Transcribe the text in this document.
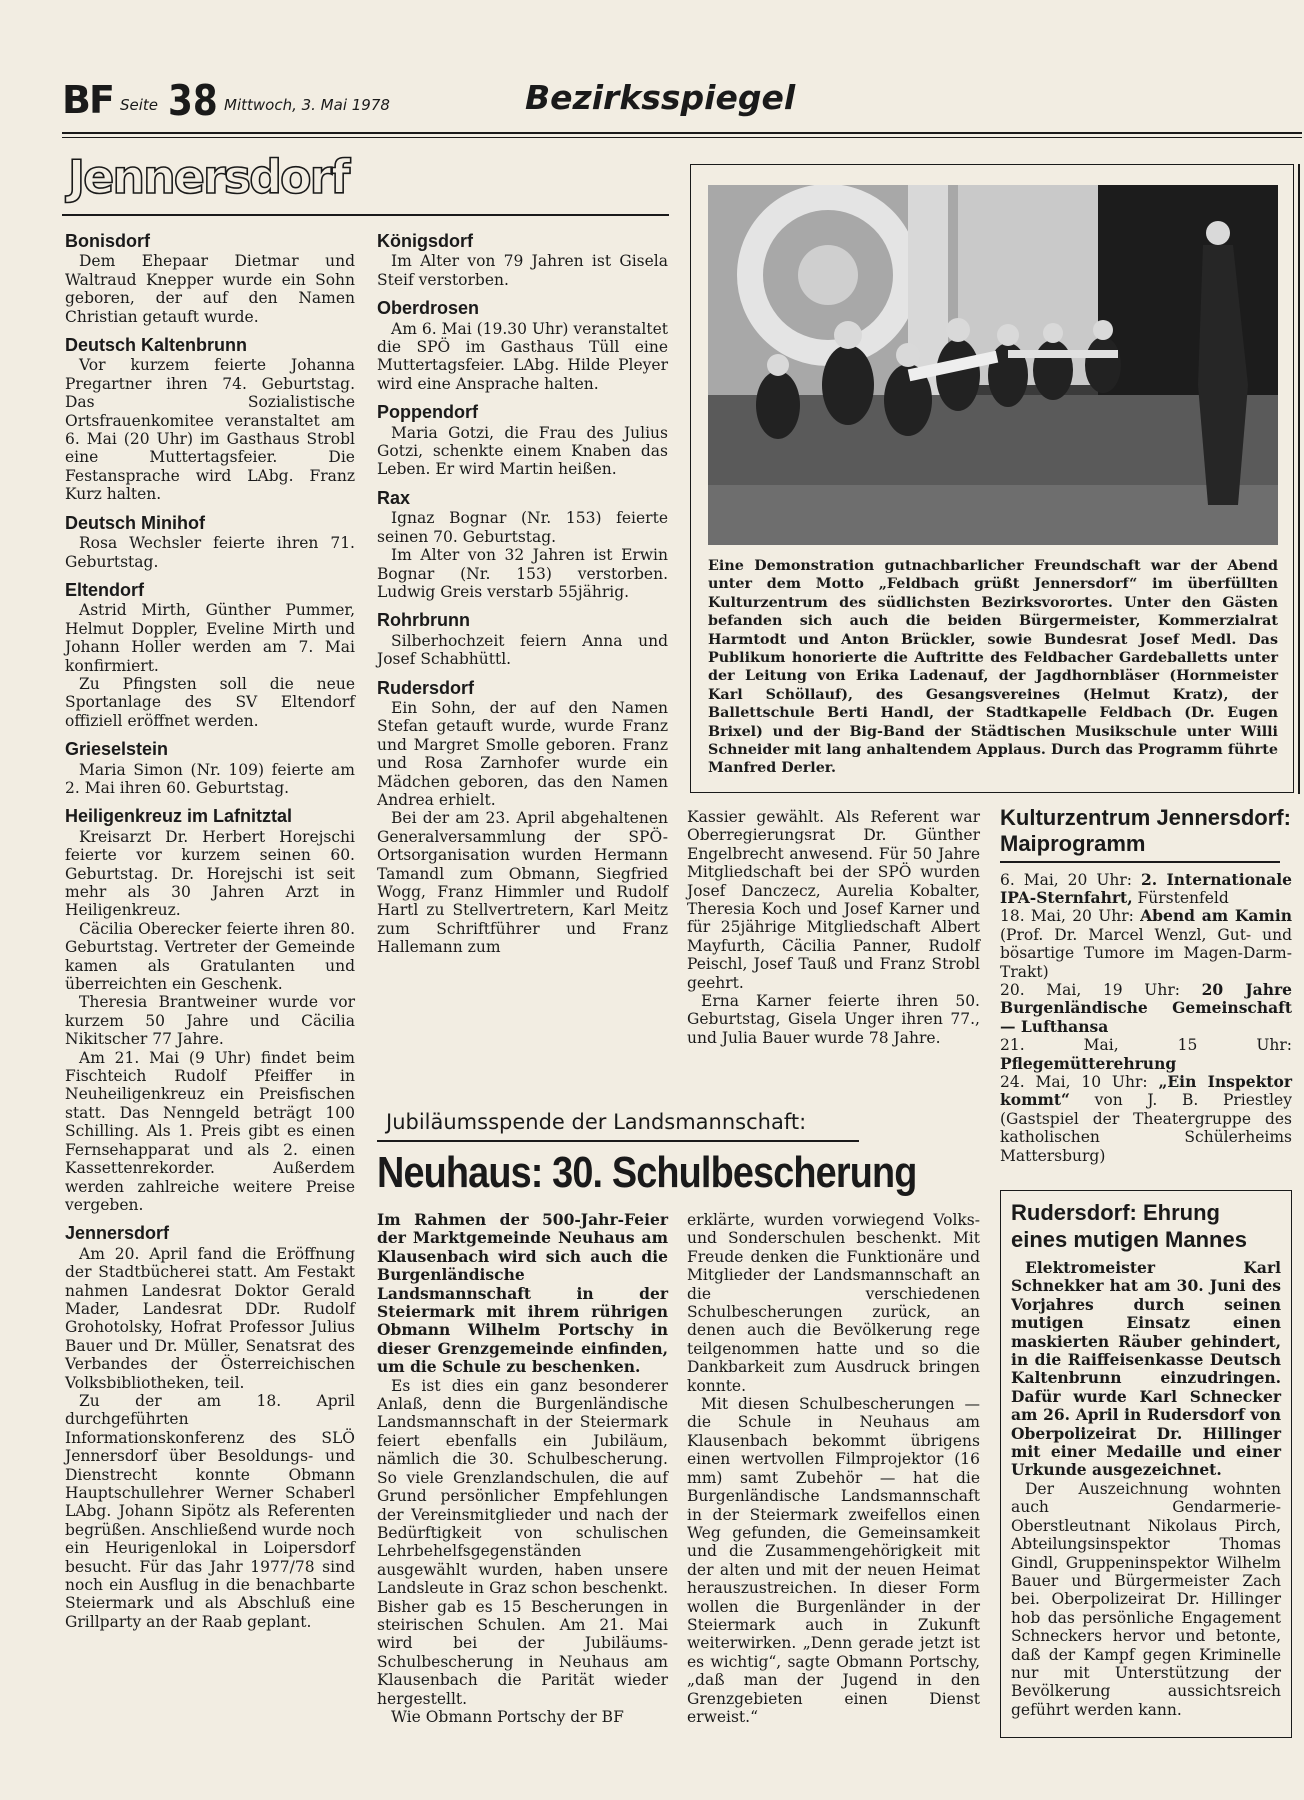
BF Seite 38 Mittwoch, 3. Mai 1978	Bezirksspiegel
Jennersdorf
Bonisdorf

Dem Ehepaar Dietmar und Waltraud Knepper wurde ein Sohn geboren, der auf den Namen Christian getauft wurde.

Deutsch Kaltenbrunn

Vor kurzem feierte Johanna Pregartner ihren 74. Geburtstag. Das Sozialistische Ortsfrauenkomitee veranstaltet am 6. Mai (20 Uhr) im Gasthaus Strobl eine Muttertagsfeier. Die Festansprache wird LAbg. Franz Kurz halten.

Deutsch Minihof

Rosa Wechsler feierte ihren 71. Geburtstag.

Eltendorf

Astrid Mirth, Günther Pummer, Helmut Doppler, Eveline Mirth und Johann Holler werden am 7. Mai konfirmiert.

Zu Pfingsten soll die neue Sportanlage des SV Eltendorf offiziell eröffnet werden.

Grieselstein

Maria Simon (Nr. 109) feierte am 2. Mai ihren 60. Geburtstag.

Heiligenkreuz im Lafnitztal

Kreisarzt Dr. Herbert Horejschi feierte vor kurzem seinen 60. Geburtstag. Dr. Horejschi ist seit mehr als 30 Jahren Arzt in Heiligenkreuz.

Cäcilia Oberecker feierte ihren 80. Geburtstag. Vertreter der Gemeinde kamen als Gratulanten und überreichten ein Geschenk.

Theresia Brantweiner wurde vor kurzem 50 Jahre und Cäcilia Nikitscher 77 Jahre.

Am 21. Mai (9 Uhr) findet beim Fischteich Rudolf Pfeiffer in Neuheiligenkreuz ein Preisfischen statt. Das Nenngeld beträgt 100 Schilling. Als 1. Preis gibt es einen Fernsehapparat und als 2. einen Kassettenrekorder. Außerdem werden zahlreiche weitere Preise vergeben.

Jennersdorf

Am 20. April fand die Eröffnung der Stadtbücherei statt. Am Festakt nahmen Landesrat Doktor Gerald Mader, Landesrat DDr. Rudolf Grohotolsky, Hofrat Professor Julius Bauer und Dr. Müller, Senatsrat des Verbandes der Österreichischen Volksbibliotheken, teil.

Zu der am 18. April durchgeführten Informationskonferenz des SLÖ Jennersdorf über Besoldungs- und Dienstrecht konnte Obmann Hauptschullehrer Werner Schaberl LAbg. Johann Sipötz als Referenten begrüßen. Anschließend wurde noch ein Heurigenlokal in Loipersdorf besucht. Für das Jahr 1977/78 sind noch ein Ausflug in die benachbarte Steiermark und als Abschluß eine Grillparty an der Raab geplant.

Königsdorf

Im Alter von 79 Jahren ist Gisela Steif verstorben.

Oberdrosen

Am 6. Mai (19.30 Uhr) veranstaltet die SPÖ im Gasthaus Tüll eine Muttertagsfeier. LAbg. Hilde Pleyer wird eine Ansprache halten.

Poppendorf

Maria Gotzi, die Frau des Julius Gotzi, schenkte einem Knaben das Leben. Er wird Martin heißen.

Rax

Ignaz Bognar (Nr. 153) feierte seinen 70. Geburtstag.

Im Alter von 32 Jahren ist Erwin Bognar (Nr. 153) verstorben. Ludwig Greis verstarb 55jährig.

Rohrbrunn

Silberhochzeit feiern Anna und Josef Schabhüttl.

Rudersdorf

Ein Sohn, der auf den Namen Stefan getauft wurde, wurde Franz und Margret Smolle geboren. Franz und Rosa Zarnhofer wurde ein Mädchen geboren, das den Namen Andrea erhielt.

Bei der am 23. April abgehaltenen Generalversammlung der SPÖ-Ortsorganisation wurden Hermann Tamandl zum Obmann, Siegfried Wogg, Franz Himmler und Rudolf Hartl zu Stellvertretern, Karl Meitz zum Schriftführer und Franz Hallemann zum

Eine Demonstration gutnachbarlicher Freundschaft war der Abend unter dem Motto „Feldbach grüßt Jennersdorf“ im überfüllten Kulturzentrum des südlichsten Bezirksvorortes. Unter den Gästen befanden sich auch die beiden Bürgermeister, Kommerzialrat Harmtodt und Anton Brückler, sowie Bundesrat Josef Medl. Das Publikum honorierte die Auftritte des Feldbacher Gardeballetts unter der Leitung von Erika Ladenauf, der Jagdhornbläser (Hornmeister Karl Schöllauf), des Gesangsvereines (Helmut Kratz), der Ballettschule Berti Handl, der Stadtkapelle Feldbach (Dr. Eugen Brixel) und der Big-Band der Städtischen Musikschule unter Willi Schneider mit lang anhaltendem Applaus. Durch das Programm führte Manfred Derler.

Kassier gewählt. Als Referent war Oberregierungsrat Dr. Günther Engelbrecht anwesend. Für 50 Jahre Mitgliedschaft bei der SPÖ wurden Josef Danczecz, Aurelia Kobalter, Theresia Koch und Josef Karner und für 25jährige Mitgliedschaft Albert Mayfurth, Cäcilia Panner, Rudolf Peischl, Josef Tauß und Franz Strobl geehrt.

Erna Karner feierte ihren 50. Geburtstag, Gisela Unger ihren 77., und Julia Bauer wurde 78 Jahre.

Kulturzentrum Jennersdorf: Maiprogramm

6. Mai, 20 Uhr: 2. Internationale IPA-Sternfahrt, Fürstenfeld

18. Mai, 20 Uhr: Abend am Kamin (Prof. Dr. Marcel Wenzl, Gut- und bösartige Tumore im Magen-Darm-Trakt)

20. Mai, 19 Uhr: 20 Jahre Burgenländische Gemeinschaft — Lufthansa

21. Mai, 15 Uhr: Pflegemütterehrung

24. Mai, 10 Uhr: „Ein Inspektor kommt“ von J. B. Priestley (Gastspiel der Theatergruppe des katholischen Schülerheims Mattersburg)

Jubiläumsspende der Landsmannschaft:
Neuhaus: 30. Schulbescherung

Im Rahmen der 500-Jahr-Feier der Marktgemeinde Neuhaus am Klausenbach wird sich auch die Burgenländische Landsmannschaft in der Steiermark mit ihrem rührigen Obmann Wilhelm Portschy in dieser Grenzgemeinde einfinden, um die Schule zu beschenken.

Es ist dies ein ganz besonderer Anlaß, denn die Burgenländische Landsmannschaft in der Steiermark feiert ebenfalls ein Jubiläum, nämlich die 30. Schulbescherung. So viele Grenzlandschulen, die auf Grund persönlicher Empfehlungen der Vereinsmitglieder und nach der Bedürftigkeit von schulischen Lehrbehelfsgegenständen ausgewählt wurden, haben unsere Landsleute in Graz schon beschenkt. Bisher gab es 15 Bescherungen in steirischen Schulen. Am 21. Mai wird bei der Jubiläums-Schulbescherung in Neuhaus am Klausenbach die Parität wieder hergestellt.

Wie Obmann Portschy der BF

erklärte, wurden vorwiegend Volks- und Sonderschulen beschenkt. Mit Freude denken die Funktionäre und Mitglieder der Landsmannschaft an die verschiedenen Schulbescherungen zurück, an denen auch die Bevölkerung rege teilgenommen hatte und so die Dankbarkeit zum Ausdruck bringen konnte.

Mit diesen Schulbescherungen — die Schule in Neuhaus am Klausenbach bekommt übrigens einen wertvollen Filmprojektor (16 mm) samt Zubehör — hat die Burgenländische Landsmannschaft in der Steiermark zweifellos einen Weg gefunden, die Gemeinsamkeit und die Zusammengehörigkeit mit der alten und mit der neuen Heimat herauszustreichen. In dieser Form wollen die Burgenländer in der Steiermark auch in Zukunft weiterwirken. „Denn gerade jetzt ist es wichtig“, sagte Obmann Portschy, „daß man der Jugend in den Grenzgebieten einen Dienst erweist.“

Rudersdorf: Ehrung eines mutigen Mannes

Elektromeister Karl Schnekker hat am 30. Juni des Vorjahres durch seinen mutigen Einsatz einen maskierten Räuber gehindert, in die Raiffeisenkasse Deutsch Kaltenbrunn einzudringen. Dafür wurde Karl Schnecker am 26. April in Rudersdorf von Oberpolizeirat Dr. Hillinger mit einer Medaille und einer Urkunde ausgezeichnet.

Der Auszeichnung wohnten auch Gendarmerie-Oberstleutnant Nikolaus Pirch, Abteilungsinspektor Thomas Gindl, Gruppeninspektor Wilhelm Bauer und Bürgermeister Zach bei. Oberpolizeirat Dr. Hillinger hob das persönliche Engagement Schneckers hervor und betonte, daß der Kampf gegen Kriminelle nur mit Unterstützung der Bevölkerung aussichtsreich geführt werden kann.
